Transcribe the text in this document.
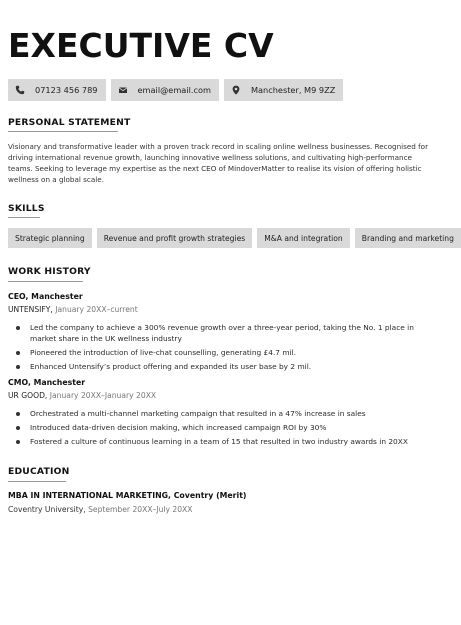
EXECUTIVE CV
07123 456 789	email@email.com	Manchester, M9 9ZZ
PERSONAL STATEMENT

Visionary and transformative leader with a proven track record in scaling online wellness businesses. Recognised for driving international revenue growth, launching innovative wellness solutions, and cultivating high-performance teams. Seeking to leverage my expertise as the next CEO of MindoverMatter to realise its vision of offering holistic wellness on a global scale.

SKILLS
Strategic planning	Revenue and profit growth strategies	M&A and integration	Branding and marketing
WORK HISTORY
CEO, Manchester
UNTENSIFY, January 20XX–current
Led the company to achieve a 300% revenue growth over a three-year period, taking the No. 1 place in market share in the UK wellness industry
Pioneered the introduction of live-chat counselling, generating £4.7 mil.
Enhanced Untensify’s product offering and expanded its user base by 2 mil.
CMO, Manchester
UR GOOD, January 20XX–January 20XX
Orchestrated a multi-channel marketing campaign that resulted in a 47% increase in sales
Introduced data-driven decision making, which increased campaign ROI by 30%
Fostered a culture of continuous learning in a team of 15 that resulted in two industry awards in 20XX
EDUCATION
MBA IN INTERNATIONAL MARKETING, Coventry (Merit)
Coventry University, September 20XX–July 20XX
